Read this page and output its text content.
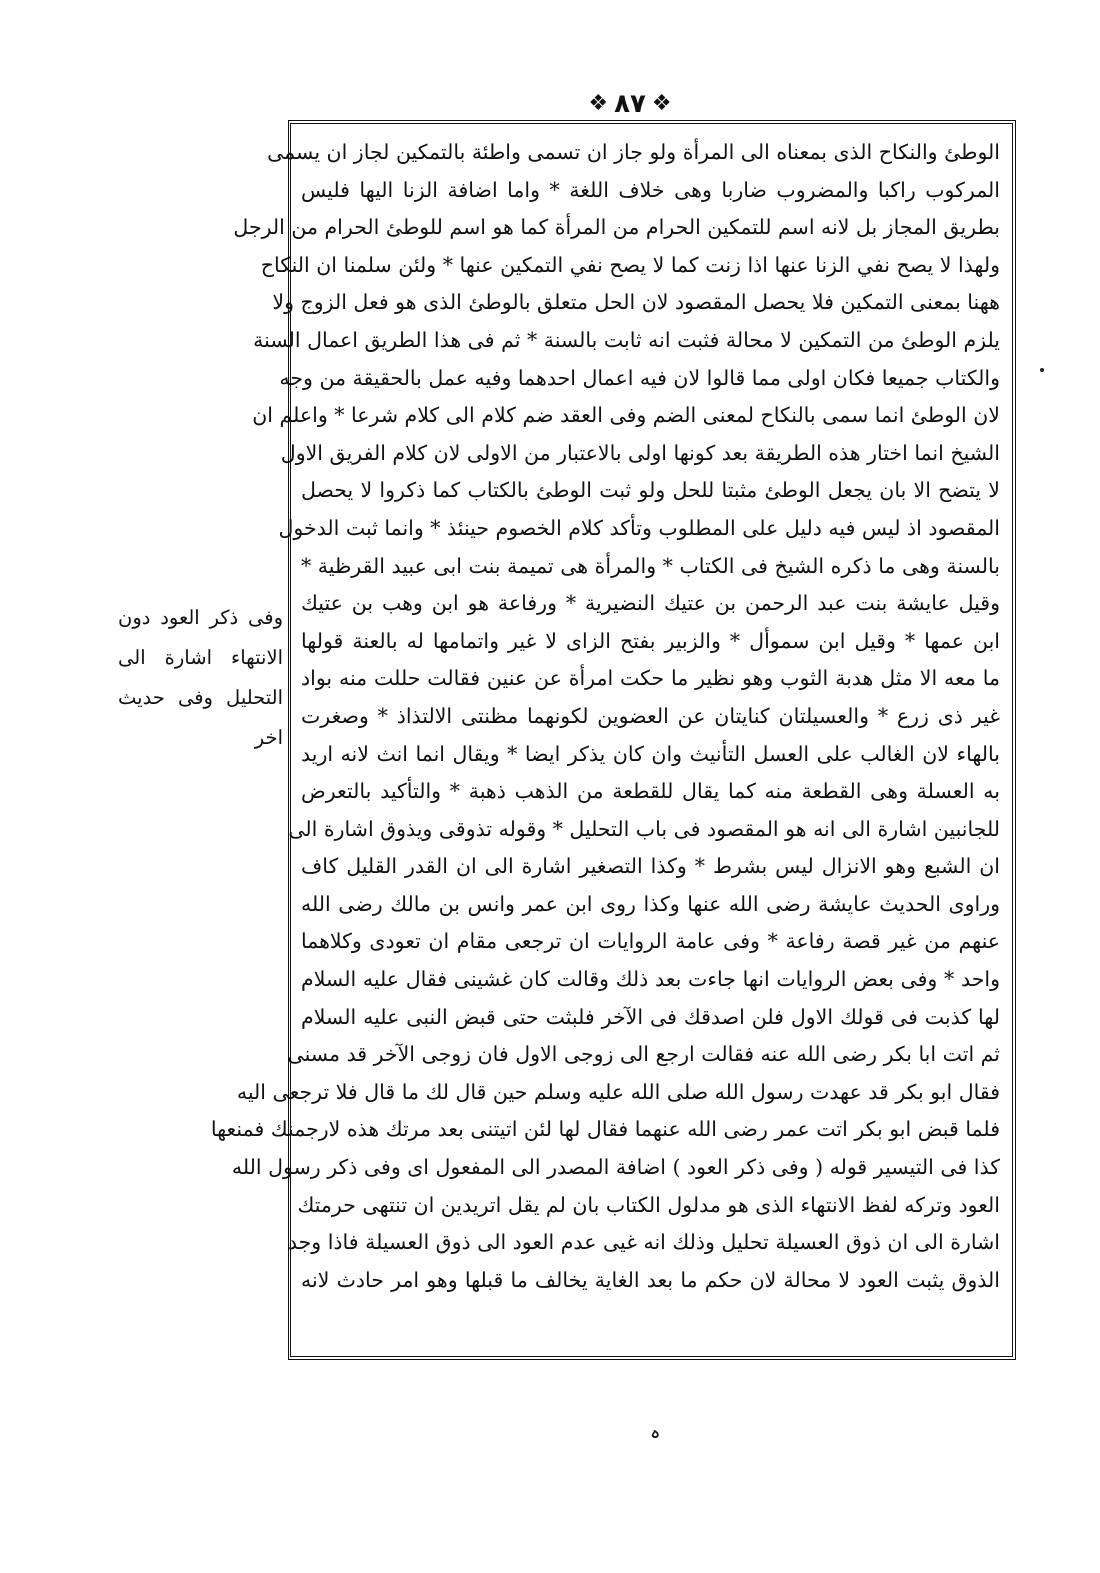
❖
٨٧
❖
الوطئ والنكاح الذى بمعناه الى المرأة ولو جاز ان تسمى واطئة بالتمكين لجاز ان يسمى
المركوب راكبا والمضروب ضاربا وهى خلاف اللغة * واما اضافة الزنا اليها فليس
بطريق المجاز بل لانه اسم للتمكين الحرام من المرأة كما هو اسم للوطئ الحرام من الرجل
ولهذا لا يصح نفي الزنا عنها اذا زنت كما لا يصح نفي التمكين عنها * ولئن سلمنا ان النكاح
ههنا بمعنى التمكين فلا يحصل المقصود لان الحل متعلق بالوطئ الذى هو فعل الزوج ولا
يلزم الوطئ من التمكين لا محالة فثبت انه ثابت بالسنة * ثم فى هذا الطريق اعمال السنة
والكتاب جميعا فكان اولى مما قالوا لان فيه اعمال احدهما وفيه عمل بالحقيقة من وجه
لان الوطئ انما سمى بالنكاح لمعنى الضم وفى العقد ضم كلام الى كلام شرعا * واعلم ان
الشيخ انما اختار هذه الطريقة بعد كونها اولى بالاعتبار من الاولى لان كلام الفريق الاول
لا يتضح الا بان يجعل الوطئ مثبتا للحل ولو ثبت الوطئ بالكتاب كما ذكروا لا يحصل
المقصود اذ ليس فيه دليل على المطلوب وتأكد كلام الخصوم حينئذ * وانما ثبت الدخول
بالسنة وهى ما ذكره الشيخ فى الكتاب * والمرأة هى تميمة بنت ابى عبيد القرظية *
وقيل عايشة بنت عبد الرحمن بن عتيك النضيرية * ورفاعة هو ابن وهب بن عتيك
ابن عمها * وقيل ابن سموأل * والزبير بفتح الزاى لا غير واتمامها له بالعنة قولها
ما معه الا مثل هدبة الثوب وهو نظير ما حكت امرأة عن عنين فقالت حللت منه بواد
غير ذى زرع * والعسيلتان كنايتان عن العضوين لكونهما مظنتى الالتذاذ * وصغرت
بالهاء لان الغالب على العسل التأنيث وان كان يذكر ايضا * ويقال انما انث لانه اريد
به العسلة وهى القطعة منه كما يقال للقطعة من الذهب ذهبة * والتأكيد بالتعرض
للجانبين اشارة الى انه هو المقصود فى باب التحليل * وقوله تذوقى ويذوق اشارة الى
ان الشبع وهو الانزال ليس بشرط * وكذا التصغير اشارة الى ان القدر القليل كاف
وراوى الحديث عايشة رضى الله عنها وكذا روى ابن عمر وانس بن مالك رضى الله
عنهم من غير قصة رفاعة * وفى عامة الروايات ان ترجعى مقام ان تعودى وكلاهما
واحد * وفى بعض الروايات انها جاءت بعد ذلك وقالت كان غشينى فقال عليه السلام
لها كذبت فى قولك الاول فلن اصدقك فى الآخر فلبثت حتى قبض النبى عليه السلام
ثم اتت ابا بكر رضى الله عنه فقالت ارجع الى زوجى الاول فان زوجى الآخر قد مسنى
فقال ابو بكر قد عهدت رسول الله صلى الله عليه وسلم حين قال لك ما قال فلا ترجعى اليه
فلما قبض ابو بكر اتت عمر رضى الله عنهما فقال لها لئن اتيتنى بعد مرتك هذه لارجمنك فمنعها
كذا فى التيسير قوله ( وفى ذكر العود ) اضافة المصدر الى المفعول اى وفى ذكر رسول الله
العود وتركه لفظ الانتهاء الذى هو مدلول الكتاب بان لم يقل اتريدين ان تنتهى حرمتك
اشارة الى ان ذوق العسيلة تحليل وذلك انه غيى عدم العود الى ذوق العسيلة فاذا وجد
الذوق يثبت العود لا محالة لان حكم ما بعد الغاية يخالف ما قبلها وهو امر حادث لانه
وفى ذكر العود دون
الانتهاء اشارة الى
التحليل وفى حديث
اخر
ہ
